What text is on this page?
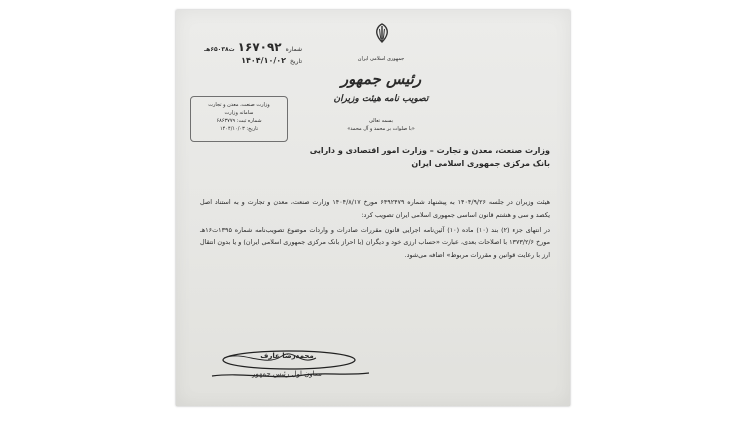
جمهوری اسلامی ایران
رئیس جمهور
تصویب نامه هیئت وزیران
بسمه تعالی
«با صلوات بر محمد و آل محمد»
شماره
۱۶۷۰۹۲
ت۶۵۰۳۸هـ
تاریخ
۱۴۰۴/۱۰/۰۲
وزارت صنعت، معدن و تجارت
سامانه وزارت
شماره ثبت: ۶۸۶۳۷۷۹
تاریخ: ۱۴۰۴/۱۰/۰۳
وزارت صنعت، معدن و تجارت – وزارت امور اقتصادی و دارایی
بانک مرکزی جمهوری اسلامی ایران

هیئت وزیران در جلسه ۱۴۰۴/۹/۲۶ به پیشنهاد شماره ۶۴۹۲۴۷۹ مورخ ۱۴۰۴/۸/۱۷ وزارت صنعت، معدن و تجارت و به استناد اصل یکصد و سی و هشتم قانون اساسی جمهوری اسلامی ایران تصویب کرد:

در انتهای جزء (۲) بند (۱۰) ماده (۱۰) آئین‌نامه اجرایی قانون مقررات صادرات و واردات موضوع تصویب‌نامه شماره ۱۳۹۵ت۱۶هـ مورخ ۱۳۷۳/۲/۶ با اصلاحات بعدی، عبارت «حساب ارزی خود و دیگران (با احراز بانک مرکزی جمهوری اسلامی ایران) و یا بدون انتقال ارز با رعایت قوانین و مقررات مربوط» اضافه می‌شود.

محمدرضا عارف
معاون اول رئیس جمهور
